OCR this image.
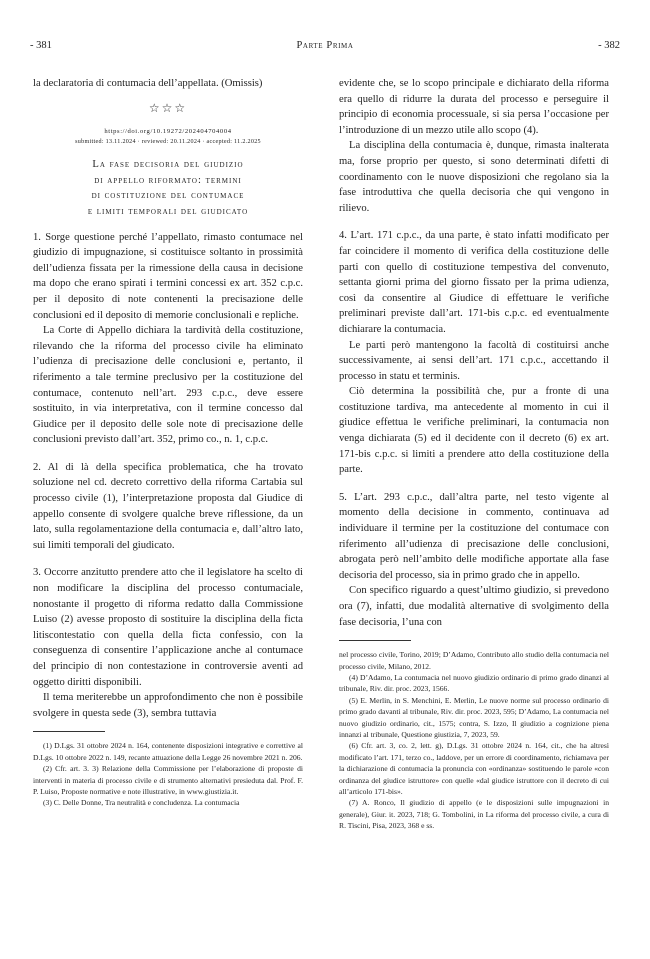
- 381	Parte Prima	- 382

la declaratoria di contumacia dell’appellata. (Omissis)

☆☆☆
https://doi.org/10.19272/202404704004
submitted: 13.11.2024 · reviewed: 20.11.2024 · accepted: 11.2.2025
La fase decisoria del giudizio
di appello riformato: termini
di costituzione del contumace
e limiti temporali del giudicato

1. Sorge questione perché l’appellato, rimasto contumace nel giudizio di impugnazione, si costituisce soltanto in prossimità dell’udienza fissata per la rimessione della causa in decisione ma dopo che erano spirati i termini concessi ex art. 352 c.p.c. per il deposito di note contenenti la precisazione delle conclusioni ed il deposito di memorie conclusionali e repliche.

La Corte di Appello dichiara la tardività della costituzione, rilevando che la riforma del processo civile ha eliminato l’udienza di precisazione delle conclusioni e, pertanto, il riferimento a tale termine preclusivo per la costituzione del contumace, contenuto nell’art. 293 c.p.c., deve essere sostituito, in via interpretativa, con il termine concesso dal Giudice per il deposito delle sole note di precisazione delle conclusioni previsto dall’art. 352, primo co., n. 1, c.p.c.

2. Al di là della specifica problematica, che ha trovato soluzione nel cd. decreto correttivo della riforma Cartabia sul processo civile (1), l’interpretazione proposta dal Giudice di appello consente di svolgere qualche breve riflessione, da un lato, sulla regolamentazione della contumacia e, dall’altro lato, sui limiti temporali del giudicato.

3. Occorre anzitutto prendere atto che il legislatore ha scelto di non modificare la disciplina del processo contumaciale, nonostante il progetto di riforma redatto dalla Commissione Luiso (2) avesse proposto di sostituire la disciplina della ficta litiscontestatio con quella della ficta confessio, con la conseguenza di consentire l’applicazione anche al contumace del principio di non contestazione in controversie aventi ad oggetto diritti disponibili.

Il tema meriterebbe un approfondimento che non è possibile svolgere in questa sede (3), sembra tuttavia

(1) D.Lgs. 31 ottobre 2024 n. 164, contenente disposizioni integrative e correttive al D.Lgs. 10 ottobre 2022 n. 149, recante attuazione della Legge 26 novembre 2021 n. 206.

(2) Cfr. art. 3. 3) Relazione della Commissione per l’elaborazione di proposte di interventi in materia di processo civile e di strumento alternativi presieduta dal. Prof. F. P. Luiso, Proposte normative e note illustrative, in www.giustizia.it.

(3) C. Delle Donne, Tra neutralità e concludenza. La contumacia

evidente che, se lo scopo principale e dichiarato della riforma era quello di ridurre la durata del processo e perseguire il principio di economia processuale, si sia persa l’occasione per l’introduzione di un mezzo utile allo scopo (4).

La disciplina della contumacia è, dunque, rimasta inalterata ma, forse proprio per questo, si sono determinati difetti di coordinamento con le nuove disposizioni che regolano sia la fase introduttiva che quella decisoria che qui vengono in rilievo.

4. L’art. 171 c.p.c., da una parte, è stato infatti modificato per far coincidere il momento di verifica della costituzione delle parti con quello di costituzione tempestiva del convenuto, settanta giorni prima del giorno fissato per la prima udienza, così da consentire al Giudice di effettuare le verifiche preliminari previste dall’art. 171-bis c.p.c. ed eventualmente dichiarare la contumacia.

Le parti però mantengono la facoltà di costituirsi anche successivamente, ai sensi dell’art. 171 c.p.c., accettando il processo in statu et terminis.

Ciò determina la possibilità che, pur a fronte di una costituzione tardiva, ma antecedente al momento in cui il giudice effettua le verifiche preliminari, la contumacia non venga dichiarata (5) ed il decidente con il decreto (6) ex art. 171-bis c.p.c. si limiti a prendere atto della costituzione della parte.

5. L’art. 293 c.p.c., dall’altra parte, nel testo vigente al momento della decisione in commento, continuava ad individuare il termine per la costituzione del contumace con riferimento all’udienza di precisazione delle conclusioni, abrogata però nell’ambito delle modifiche apportate alla fase decisoria del processo, sia in primo grado che in appello.

Con specifico riguardo a quest’ultimo giudizio, si prevedono ora (7), infatti, due modalità alternative di svolgimento della fase decisoria, l’una con

nel processo civile, Torino, 2019; D’Adamo, Contributo allo studio della contumacia nel processo civile, Milano, 2012.

(4) D’Adamo, La contumacia nel nuovo giudizio ordinario di primo grado dinanzi al tribunale, Riv. dir. proc. 2023, 1566.

(5) E. Merlin, in S. Menchini, E. Merlin, Le nuove norme sul processo ordinario di primo grado davanti al tribunale, Riv. dir. proc. 2023, 595; D’Adamo, La contumacia nel nuovo giudizio ordinario, cit., 1575; contra, S. Izzo, Il giudizio a cognizione piena innanzi al tribunale, Questione giustizia, 7, 2023, 59.

(6) Cfr. art. 3, co. 2, lett. g), D.Lgs. 31 ottobre 2024 n. 164, cit., che ha altresì modificato l’art. 171, terzo co., laddove, per un errore di coordinamento, richiamava per la dichiarazione di contumacia la pronuncia con «ordinanza» sostituendo le parole «con ordinanza del giudice istruttore» con quelle «dal giudice istruttore con il decreto di cui all’articolo 171-bis».

(7) A. Ronco, Il giudizio di appello (e le disposizioni sulle impugnazioni in generale), Giur. it. 2023, 718; G. Tombolini, in La riforma del processo civile, a cura di R. Tiscini, Pisa, 2023, 368 e ss.
